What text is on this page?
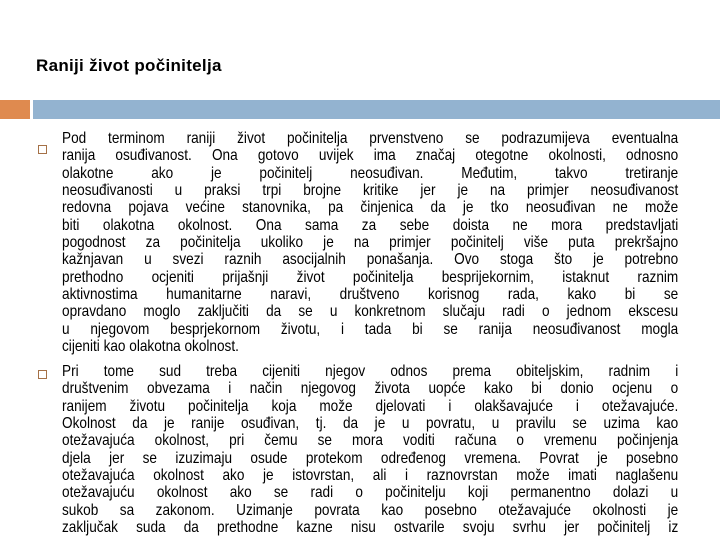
Raniji život počinitelja
Pod terminom raniji život počinitelja prvenstveno se podrazumijeva eventualna
ranija osuđivanost. Ona gotovo uvijek ima značaj otegotne okolnosti, odnosno
olakotne ako je počinitelj neosuđivan. Međutim, takvo tretiranje
neosuđivanosti u praksi trpi brojne kritike jer je na primjer neosuđivanost
redovna pojava većine stanovnika, pa činjenica da je tko neosuđivan ne može
biti olakotna okolnost. Ona sama za sebe doista ne mora predstavljati
pogodnost za počinitelja ukoliko je na primjer počinitelj više puta prekršajno
kažnjavan u svezi raznih asocijalnih ponašanja. Ovo stoga što je potrebno
prethodno ocjeniti prijašnji život počinitelja besprijekornim, istaknut raznim
aktivnostima humanitarne naravi, društveno korisnog rada, kako bi se
opravdano moglo zaključiti da se u konkretnom slučaju radi o jednom ekscesu
u njegovom besprjekornom životu, i tada bi se ranija neosuđivanost mogla
cijeniti kao olakotna okolnost.
Pri tome sud treba cijeniti njegov odnos prema obiteljskim, radnim i
društvenim obvezama i način njegovog života uopće kako bi donio ocjenu o
ranijem životu počinitelja koja može djelovati i olakšavajuće i otežavajuće.
Okolnost da je ranije osuđivan, tj. da je u povratu, u pravilu se uzima kao
otežavajuća okolnost, pri čemu se mora voditi računa o vremenu počinjenja
djela jer se izuzimaju osude protekom određenog vremena. Povrat je posebno
otežavajuća okolnost ako je istovrstan, ali i raznovrstan može imati naglašenu
otežavajuću okolnost ako se radi o počinitelju koji permanentno dolazi u
sukob sa zakonom. Uzimanje povrata kao posebno otežavajuće okolnosti je
zaključak suda da prethodne kazne nisu ostvarile svoju svrhu jer počinitelj iz
